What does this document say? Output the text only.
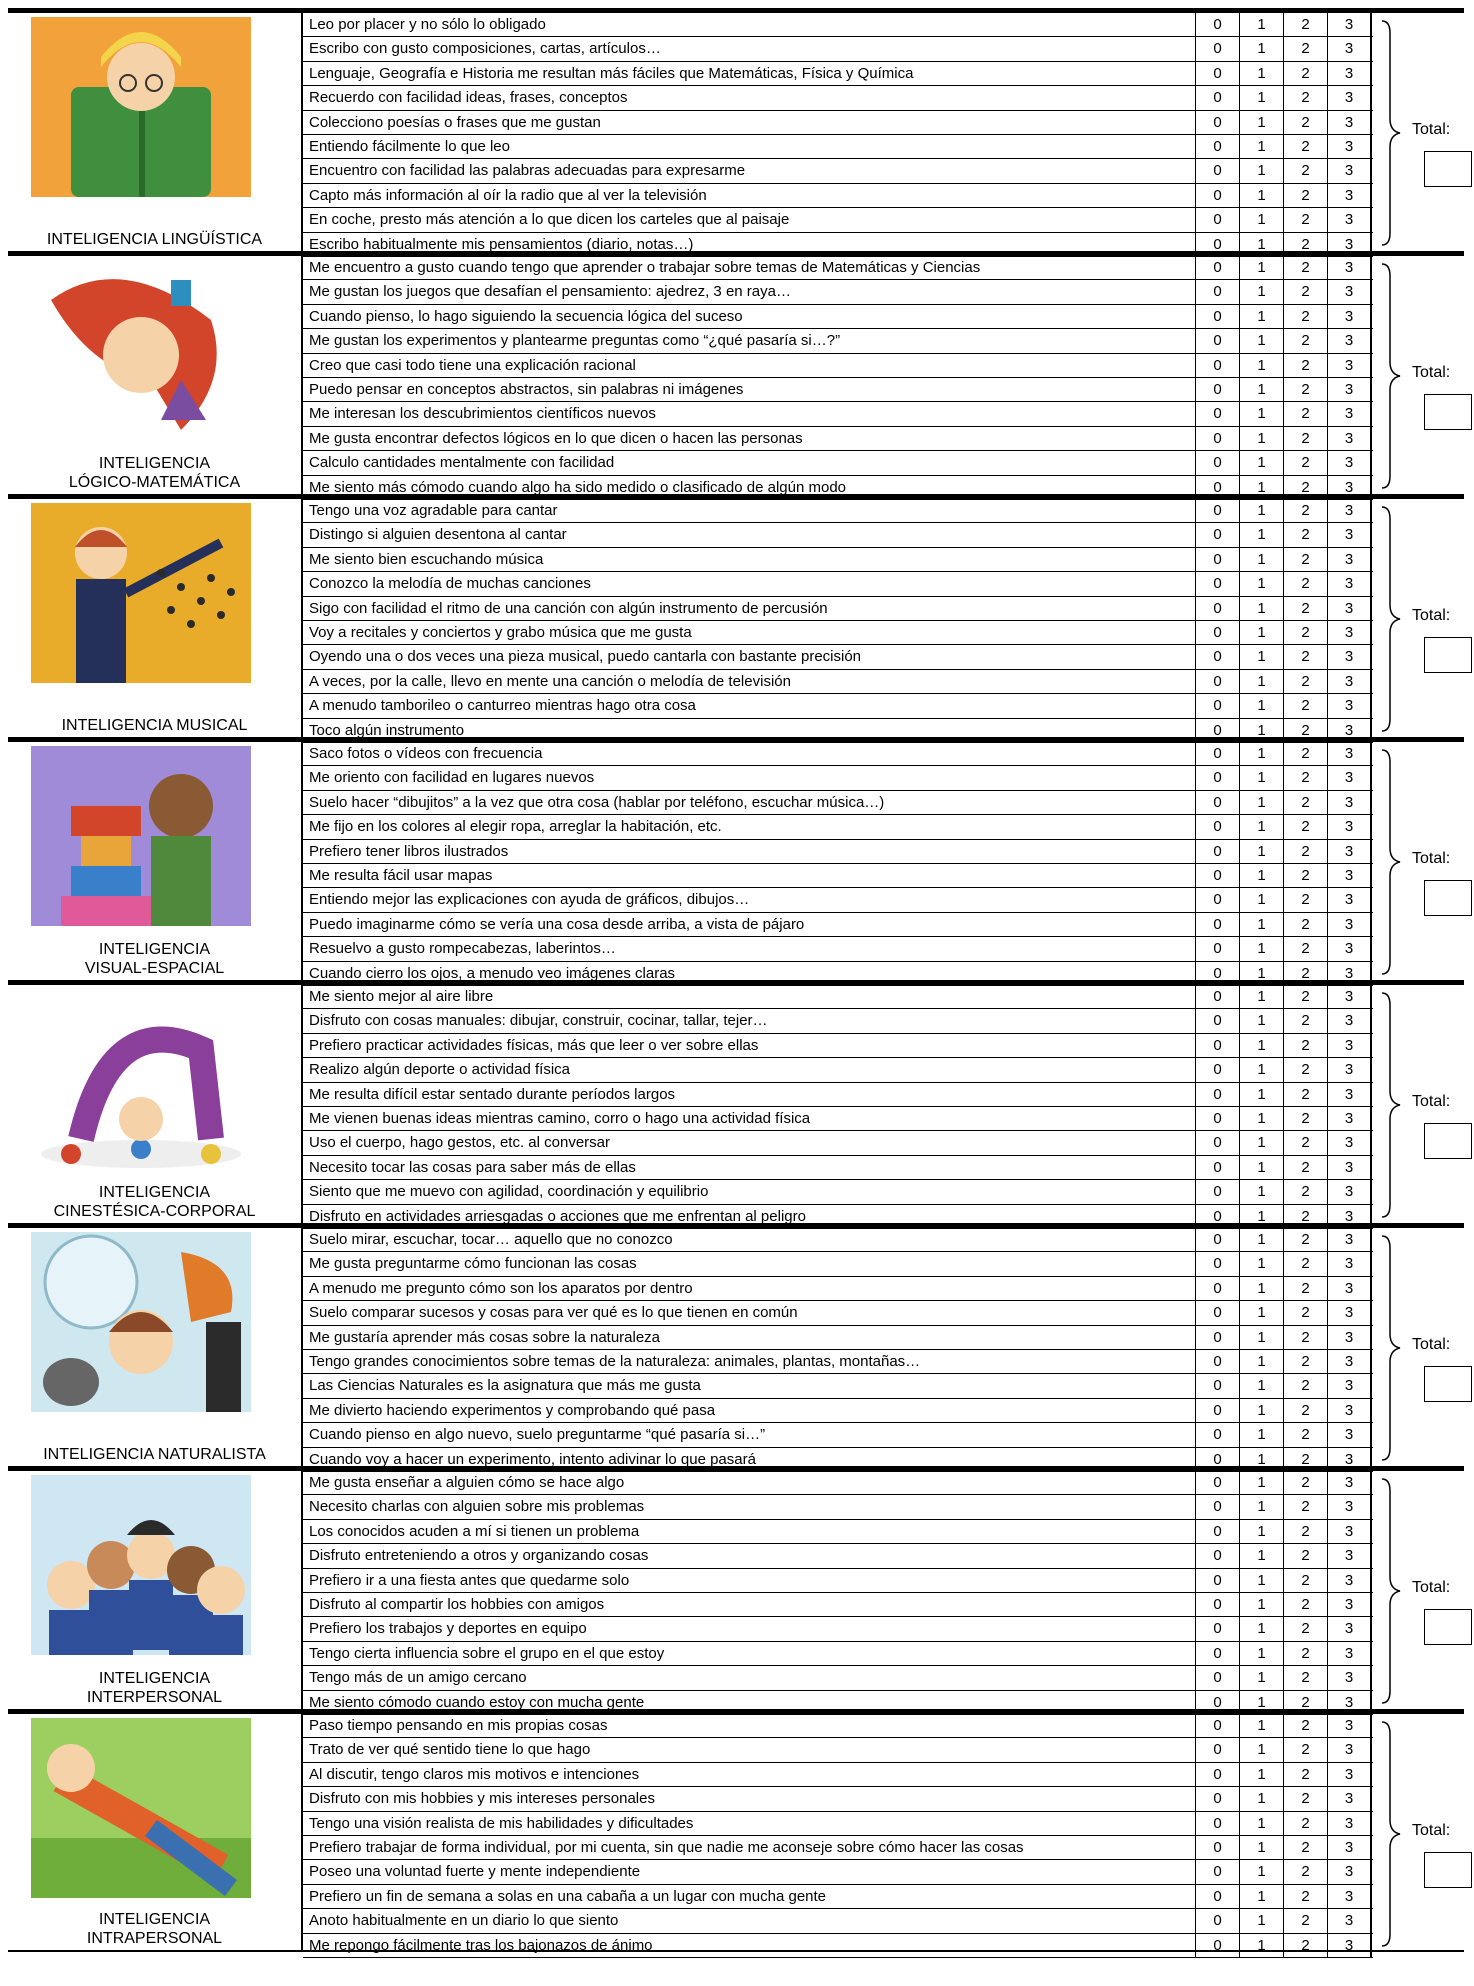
INTELIGENCIA LINGÜÍSTICA
Leo por placer y no sólo lo obligado	0	1	2	3
Escribo con gusto composiciones, cartas, artículos…	0	1	2	3
Lenguaje, Geografía e Historia me resultan más fáciles que Matemáticas, Física y Química	0	1	2	3
Recuerdo con facilidad ideas, frases, conceptos	0	1	2	3
Colecciono poesías o frases que me gustan	0	1	2	3
Entiendo fácilmente lo que leo	0	1	2	3
Encuentro con facilidad las palabras adecuadas para expresarme	0	1	2	3
Capto más información al oír la radio que al ver la televisión	0	1	2	3
En coche, presto más atención a lo que dicen los carteles que al paisaje	0	1	2	3
Escribo habitualmente mis pensamientos (diario, notas…)	0	1	2	3
Total:
INTELIGENCIA
LÓGICO-MATEMÁTICA
Me encuentro a gusto cuando tengo que aprender o trabajar sobre temas de Matemáticas y Ciencias	0	1	2	3
Me gustan los juegos que desafían el pensamiento: ajedrez, 3 en raya…	0	1	2	3
Cuando pienso, lo hago siguiendo la secuencia lógica del suceso	0	1	2	3
Me gustan los experimentos y plantearme preguntas como “¿qué pasaría si…?”	0	1	2	3
Creo que casi todo tiene una explicación racional	0	1	2	3
Puedo pensar en conceptos abstractos, sin palabras ni imágenes	0	1	2	3
Me interesan los descubrimientos científicos nuevos	0	1	2	3
Me gusta encontrar defectos lógicos en lo que dicen o hacen las personas	0	1	2	3
Calculo cantidades mentalmente con facilidad	0	1	2	3
Me siento más cómodo cuando algo ha sido medido o clasificado de algún modo	0	1	2	3
Total:
INTELIGENCIA MUSICAL
Tengo una voz agradable para cantar	0	1	2	3
Distingo si alguien desentona al cantar	0	1	2	3
Me siento bien escuchando música	0	1	2	3
Conozco la melodía de muchas canciones	0	1	2	3
Sigo con facilidad el ritmo de una canción con algún instrumento de percusión	0	1	2	3
Voy a recitales y conciertos y grabo música que me gusta	0	1	2	3
Oyendo una o dos veces una pieza musical, puedo cantarla con bastante precisión	0	1	2	3
A veces, por la calle, llevo en mente una canción o melodía de televisión	0	1	2	3
A menudo tamborileo o canturreo mientras hago otra cosa	0	1	2	3
Toco algún instrumento	0	1	2	3
Total:
INTELIGENCIA
VISUAL-ESPACIAL
Saco fotos o vídeos con frecuencia	0	1	2	3
Me oriento con facilidad en lugares nuevos	0	1	2	3
Suelo hacer “dibujitos” a la vez que otra cosa (hablar por teléfono, escuchar música…)	0	1	2	3
Me fijo en los colores al elegir ropa, arreglar la habitación, etc.	0	1	2	3
Prefiero tener libros ilustrados	0	1	2	3
Me resulta fácil usar mapas	0	1	2	3
Entiendo mejor las explicaciones con ayuda de gráficos, dibujos…	0	1	2	3
Puedo imaginarme cómo se vería una cosa desde arriba, a vista de pájaro	0	1	2	3
Resuelvo a gusto rompecabezas, laberintos…	0	1	2	3
Cuando cierro los ojos, a menudo veo imágenes claras	0	1	2	3
Total:
INTELIGENCIA
CINESTÉSICA-CORPORAL
Me siento mejor al aire libre	0	1	2	3
Disfruto con cosas manuales: dibujar, construir, cocinar, tallar, tejer…	0	1	2	3
Prefiero practicar actividades físicas, más que leer o ver sobre ellas	0	1	2	3
Realizo algún deporte o actividad física	0	1	2	3
Me resulta difícil estar sentado durante períodos largos	0	1	2	3
Me vienen buenas ideas mientras camino, corro o hago una actividad física	0	1	2	3
Uso el cuerpo, hago gestos, etc. al conversar	0	1	2	3
Necesito tocar las cosas para saber más de ellas	0	1	2	3
Siento que me muevo con agilidad, coordinación y equilibrio	0	1	2	3
Disfruto en actividades arriesgadas o acciones que me enfrentan al peligro	0	1	2	3
Total:
INTELIGENCIA NATURALISTA
Suelo mirar, escuchar, tocar… aquello que no conozco	0	1	2	3
Me gusta preguntarme cómo funcionan las cosas	0	1	2	3
A menudo me pregunto cómo son los aparatos por dentro	0	1	2	3
Suelo comparar sucesos y cosas para ver qué es lo que tienen en común	0	1	2	3
Me gustaría aprender más cosas sobre la naturaleza	0	1	2	3
Tengo grandes conocimientos sobre temas de la naturaleza: animales, plantas, montañas…	0	1	2	3
Las Ciencias Naturales es la asignatura que más me gusta	0	1	2	3
Me divierto haciendo experimentos y comprobando qué pasa	0	1	2	3
Cuando pienso en algo nuevo, suelo preguntarme “qué pasaría si…”	0	1	2	3
Cuando voy a hacer un experimento, intento adivinar lo que pasará	0	1	2	3
Total:
INTELIGENCIA
INTERPERSONAL
Me gusta enseñar a alguien cómo se hace algo	0	1	2	3
Necesito charlas con alguien sobre mis problemas	0	1	2	3
Los conocidos acuden a mí si tienen un problema	0	1	2	3
Disfruto entreteniendo a otros y organizando cosas	0	1	2	3
Prefiero ir a una fiesta antes que quedarme solo	0	1	2	3
Disfruto al compartir los hobbies con amigos	0	1	2	3
Prefiero los trabajos y deportes en equipo	0	1	2	3
Tengo cierta influencia sobre el grupo en el que estoy	0	1	2	3
Tengo más de un amigo cercano	0	1	2	3
Me siento cómodo cuando estoy con mucha gente	0	1	2	3
Total:
INTELIGENCIA
INTRAPERSONAL
Paso tiempo pensando en mis propias cosas	0	1	2	3
Trato de ver qué sentido tiene lo que hago	0	1	2	3
Al discutir, tengo claros mis motivos e intenciones	0	1	2	3
Disfruto con mis hobbies y mis intereses personales	0	1	2	3
Tengo una visión realista de mis habilidades y dificultades	0	1	2	3
Prefiero trabajar de forma individual, por mi cuenta, sin que nadie me aconseje sobre cómo hacer las cosas	0	1	2	3
Poseo una voluntad fuerte y mente independiente	0	1	2	3
Prefiero un fin de semana a solas en una cabaña a un lugar con mucha gente	0	1	2	3
Anoto habitualmente en un diario lo que siento	0	1	2	3
Me repongo fácilmente tras los bajonazos de ánimo	0	1	2	3
Total:
